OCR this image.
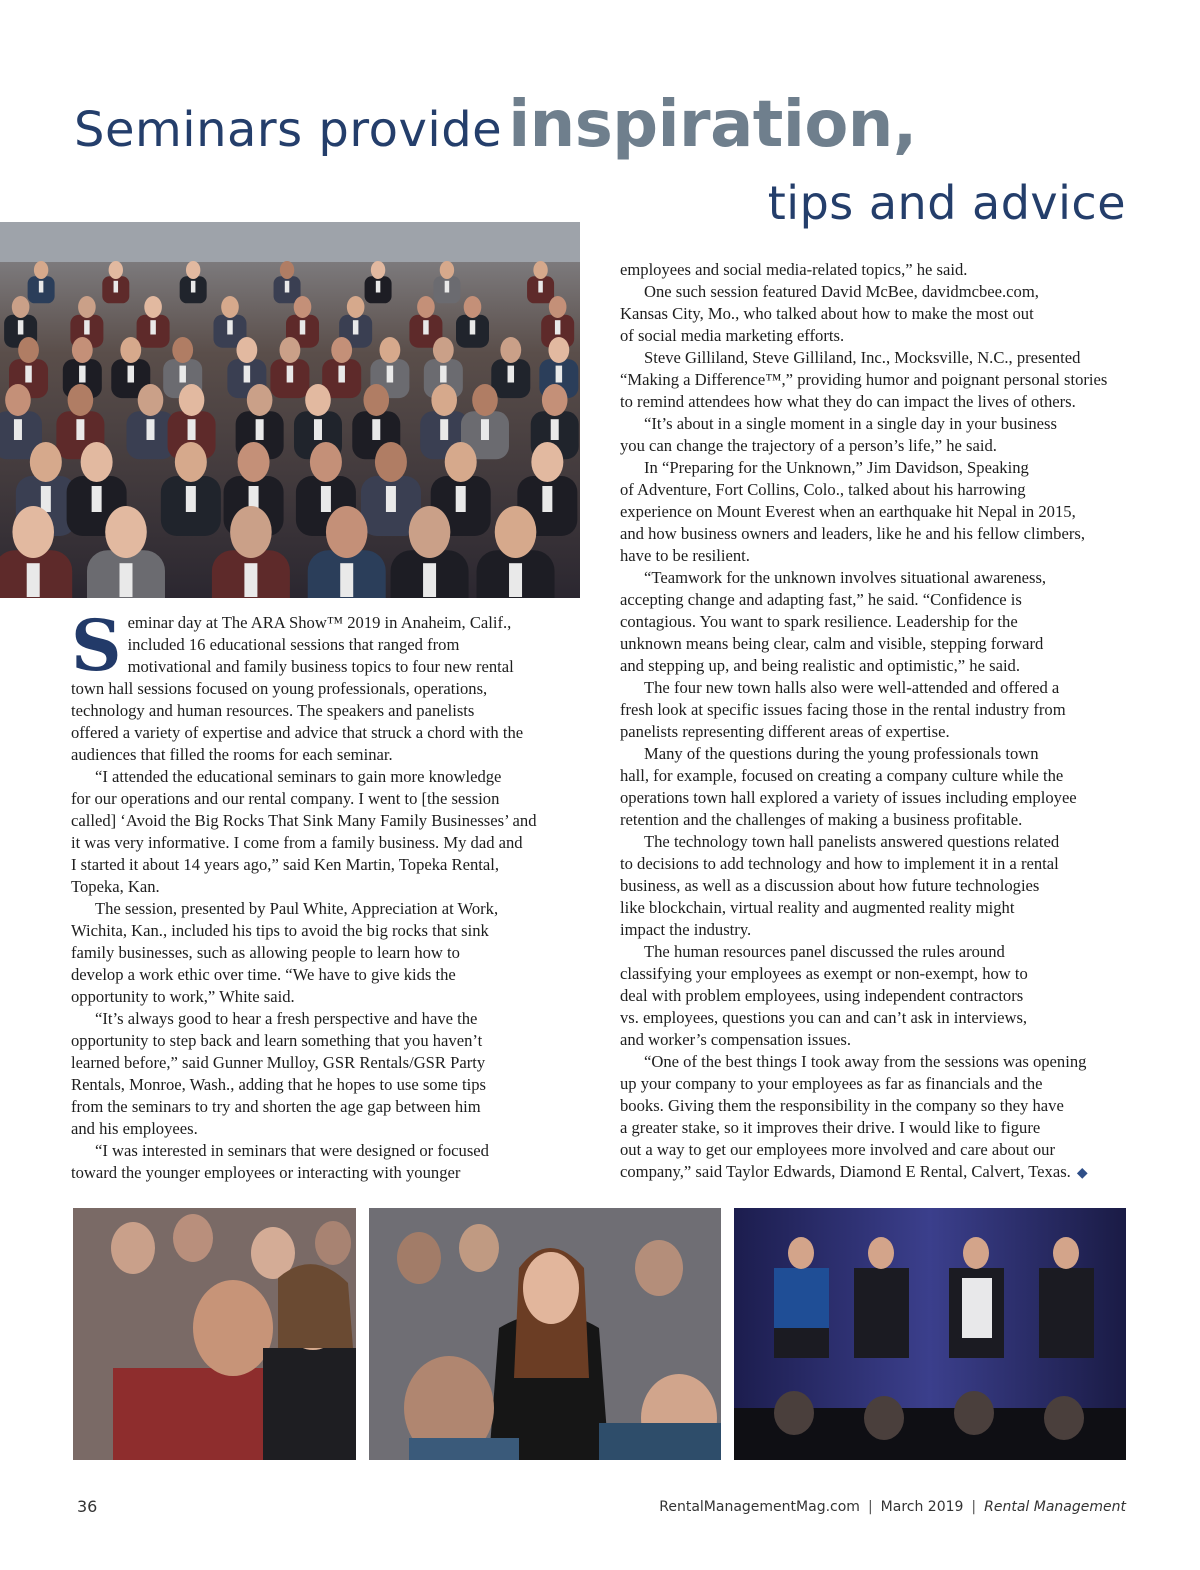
Seminars provideinspiration,
tips and advice
S eminar day at The ARA Show™ 2019 in Anaheim, Calif.,

included 16 educational sessions that ranged from

motivational and family business topics to four new rental

town hall sessions focused on young professionals, operations,

technology and human resources. The speakers and panelists

offered a variety of expertise and advice that struck a chord with the

audiences that filled the rooms for each seminar.

“I attended the educational seminars to gain more knowledge

for our operations and our rental company. I went to [the session

called] ‘Avoid the Big Rocks That Sink Many Family Businesses’ and

it was very informative. I come from a family business. My dad and

I started it about 14 years ago,” said Ken Martin, Topeka Rental,

Topeka, Kan.

The session, presented by Paul White, Appreciation at Work,

Wichita, Kan., included his tips to avoid the big rocks that sink

family businesses, such as allowing people to learn how to

develop a work ethic over time. “We have to give kids the

opportunity to work,” White said.

“It’s always good to hear a fresh perspective and have the

opportunity to step back and learn something that you haven’t

learned before,” said Gunner Mulloy, GSR Rentals/GSR Party

Rentals, Monroe, Wash., adding that he hopes to use some tips

from the seminars to try and shorten the age gap between him

and his employees.

“I was interested in seminars that were designed or focused

toward the younger employees or interacting with younger

employees and social media-related topics,” he said.

One such session featured David McBee, davidmcbee.com,

Kansas City, Mo., who talked about how to make the most out

of social media marketing efforts.

Steve Gilliland, Steve Gilliland, Inc., Mocksville, N.C., presented

“Making a Difference™,” providing humor and poignant personal stories

to remind attendees how what they do can impact the lives of others.

“It’s about in a single moment in a single day in your business

you can change the trajectory of a person’s life,” he said.

In “Preparing for the Unknown,” Jim Davidson, Speaking

of Adventure, Fort Collins, Colo., talked about his harrowing

experience on Mount Everest when an earthquake hit Nepal in 2015,

and how business owners and leaders, like he and his fellow climbers,

have to be resilient.

“Teamwork for the unknown involves situational awareness,

accepting change and adapting fast,” he said. “Confidence is

contagious. You want to spark resilience. Leadership for the

unknown means being clear, calm and visible, stepping forward

and stepping up, and being realistic and optimistic,” he said.

The four new town halls also were well-attended and offered a

fresh look at specific issues facing those in the rental industry from

panelists representing different areas of expertise.

Many of the questions during the young professionals town

hall, for example, focused on creating a company culture while the

operations town hall explored a variety of issues including employee

retention and the challenges of making a business profitable.

The technology town hall panelists answered questions related

to decisions to add technology and how to implement it in a rental

business, as well as a discussion about how future technologies

like blockchain, virtual reality and augmented reality might

impact the industry.

The human resources panel discussed the rules around

classifying your employees as exempt or non-exempt, how to

deal with problem employees, using independent contractors

vs. employees, questions you can and can’t ask in interviews,

and worker’s compensation issues.

“One of the best things I took away from the sessions was opening

up your company to your employees as far as financials and the

books. Giving them the responsibility in the company so they have

a greater stake, so it improves their drive. I would like to figure

out a way to get our employees more involved and care about our

company,” said Taylor Edwards, Diamond E Rental, Calvert, Texas. ◆

36	RentalManagementMag.com | March 2019 | Rental Management
